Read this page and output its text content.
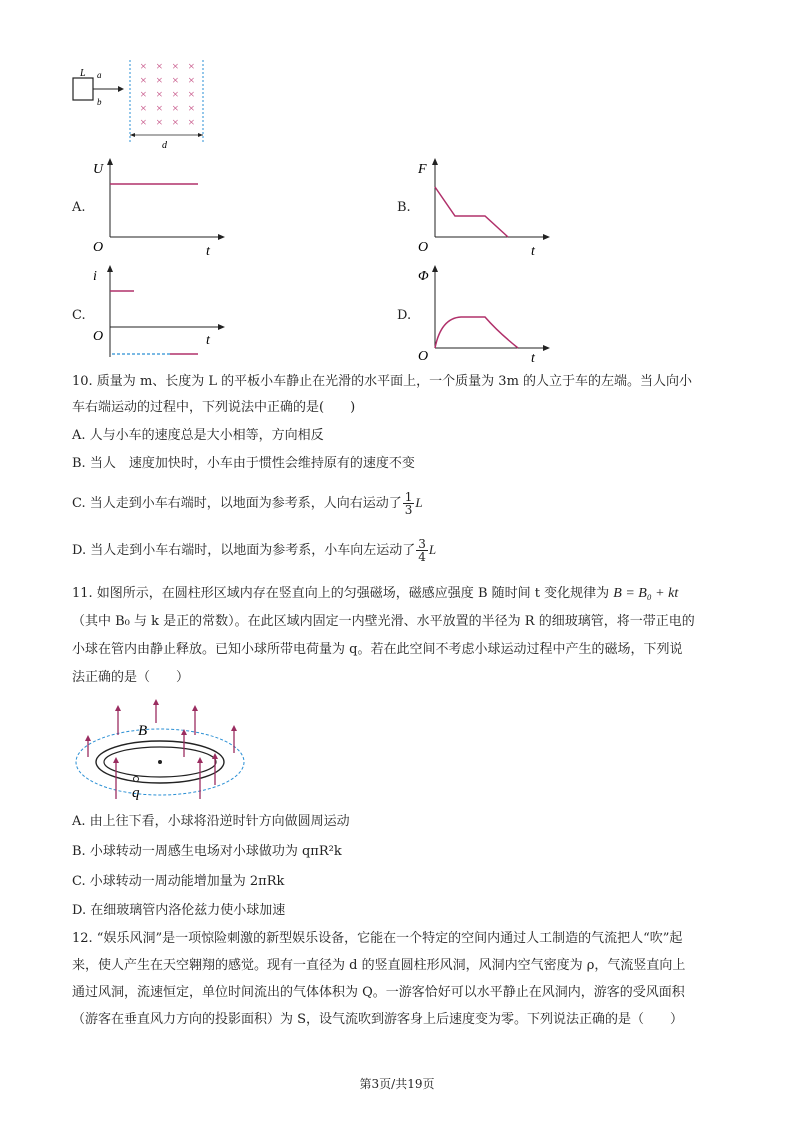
L a
b
× × × ×
× × × ×
× × × ×
× × × ×
× × × ×
d
A.
U
O	t
B.
F
O	t
C.
i
O	t
D.
Φ
O	t
10. 质量为 m、长度为 L 的平板小车静止在光滑的水平面上，一个质量为 3m 的人立于车的左端。当人向小
车右端运动的过程中，下列说法中正确的是(　　)
A. 人与小车的速度总是大小相等，方向相反
B. 当人　速度加快时，小车由于惯性会维持原有的速度不变
C. 当人走到小车右端时，以地面为参考系，人向右运动了 $\frac{1}{3}$ L
D. 当人走到小车右端时，以地面为参考系，小车向左运动了 $\frac{3}{4}$ L
11. 如图所示，在圆柱形区域内存在竖直向上的匀强磁场，磁感应强度 B 随时间 t 变化规律为 B = B₀ + kt
（其中 B₀ 与 k 是正的常数）。在此区域内固定一内壁光滑、水平放置的半径为 R 的细玻璃管，将一带正电的
小球在管内由静止释放。已知小球所带电荷量为 q。若在此空间不考虑小球运动过程中产生的磁场，下列说
法正确的是（　　）
B
q
A. 由上往下看，小球将沿逆时针方向做圆周运动
B. 小球转动一周感生电场对小球做功为 qπR²k
C. 小球转动一周动能增加量为 2πRk
D. 在细玻璃管内洛伦兹力使小球加速
12. “娱乐风洞”是一项惊险刺激的新型娱乐设备，它能在一个特定的空间内通过人工制造的气流把人“吹”起
来，使人产生在天空翱翔的感觉。现有一直径为 d 的竖直圆柱形风洞，风洞内空气密度为 ρ，气流竖直向上
通过风洞，流速恒定，单位时间流出的气体体积为 Q。一游客恰好可以水平静止在风洞内，游客的受风面积
（游客在垂直风力方向的投影面积）为 S，设气流吹到游客身上后速度变为零。下列说法正确的是（　　）
第3页/共19页
